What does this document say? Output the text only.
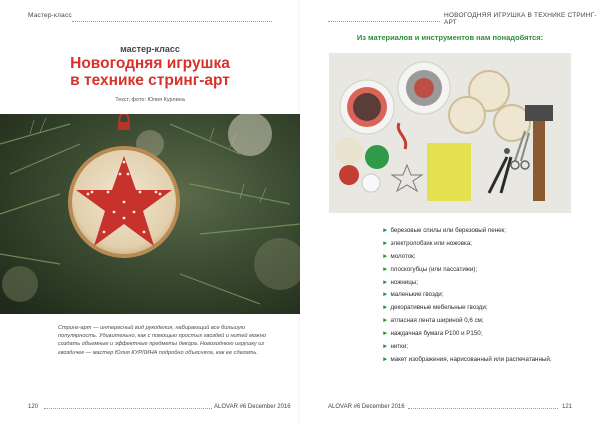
Мастер-класс
мастер-класс
Новогодняя игрушка
в технике стринг-арт
Текст, фото: Юлия Курлина
Стринг-арт — интересный вид рукоделия, набирающий все большую популярность. Удивительно, как с помощью простых гвоздей и нитей можно создать объемные и эффектные предметы декора. Новогоднюю игрушку из гвоздичек — мастер Юлия КУРЛИНА подробно объясняла, как ее сделать.
120	ALOVAR #6 December 2016
НОВОГОДНЯЯ ИГРУШКА В ТЕХНИКЕ СТРИНГ-АРТ
ALOVAR #6 December 2016	121
Из материалов и инструментов нам понадобятся:
► березовые спилы или березовый пенек;
► электролобзик или ножовка;
► молоток;
► плоскогубцы (или пассатижи);
► ножницы;
► маленькие гвозди;
► декоративные мебельные гвозди;
► атласная лента шириной 0,6 см;
► наждачная бумага Р100 и Р150;
► нитки;
► макет изображения, нарисованный или распечатанный.
